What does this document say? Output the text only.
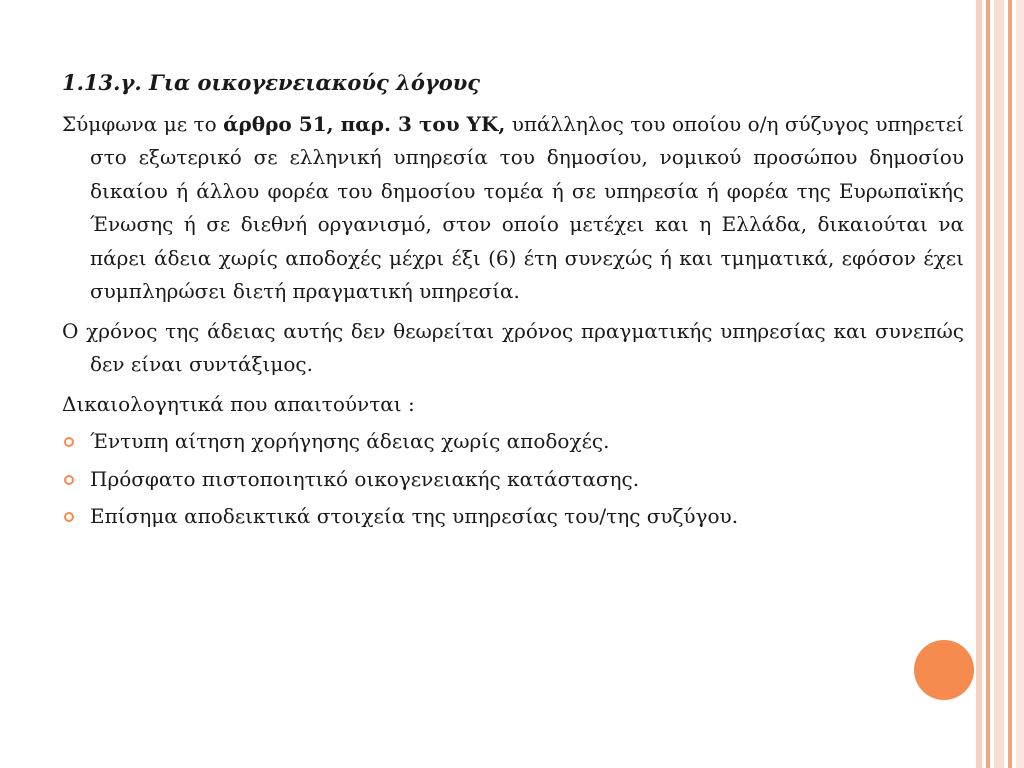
1.13.γ. Για οικογενειακούς λόγους

Σύμφωνα με το άρθρο 51, παρ. 3 του ΥΚ, υπάλληλος του οποίου ο/η σύζυγος υπηρετεί στο εξωτερικό σε ελληνική υπηρεσία του δημοσίου, νομικού προσώπου δημοσίου δικαίου ή άλλου φορέα του δημοσίου τομέα ή σε υπηρεσία ή φορέα της Ευρωπαϊκής Ένωσης ή σε διεθνή οργανισμό, στον οποίο μετέχει και η Ελλάδα, δικαιούται να πάρει άδεια χωρίς αποδοχές μέχρι έξι (6) έτη συνεχώς ή και τμηματικά, εφόσον έχει συμπληρώσει διετή πραγματική υπηρεσία.

Ο χρόνος της άδειας αυτής δεν θεωρείται χρόνος πραγματικής υπηρεσίας και συνεπώς δεν είναι συντάξιμος.

Δικαιολογητικά που απαιτούνται :

Έντυπη αίτηση χορήγησης άδειας χωρίς αποδοχές.
Πρόσφατο πιστοποιητικό οικογενειακής κατάστασης.
Επίσημα αποδεικτικά στοιχεία της υπηρεσίας του/της συζύγου.
